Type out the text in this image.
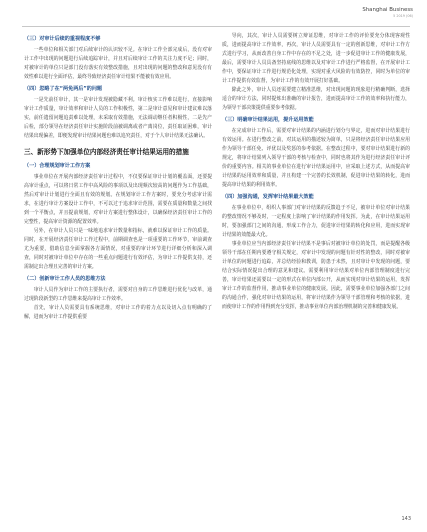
Shanghai Business
5 2019 (06)

（三）对审计后续的重视程度不够

一些单位和相关部门对后续审计的认识较不足。在审计工作全部完成后，没有对审计工作中出现的问题进行后续追踪审计，并且对后续审计工作的关注力度不足；同时，对被审计的单位只是部门没有落实有效整改措施，且对出现的问题的整改和意见没有有效性难以进行全面评估，最终导致经济责任审计结果不能被有效应用。

（四）忽略了在“两免两后”的问题

一是先前任审计，其一是审计发现被隐藏不利。审计核实工作难以进行，直接影响审计工作质量，审计效率和审计人员的工作积极性，第二是审计意见和审计建议难以落实，前任遗留问题追责难以处理，未采取有效措施，无法调动继任者积极性，二是先产后检，部分领导在经济责任审计实施阶段前被调离或者产离岗位，责任取证困难，审计结果出现偏差，即便发现审计结果问题也难以追究责任，对于个人审计结果无法确认。

三、新形势下加强单位内部经济责任审计结果运用的措施

（一）合理规划审计工作方案

事业单位在开展内部经济责任审计过程中，不仅要保证审计计划的覆盖面，还要提高审计重点，可以将日常工作中高风险的事项以及出现频次较高的问题作为工作基础，然后对审计计划进行全面且有效的规划。在规划审计工作方案时，要充分考虑审计需求，在进行审计方案设计工作中，不可以过于追求审计范围，需要在质量和数量之间找到一个平衡点，并且提前规划，对审计方案进行整体设计，以确保经济责任审计工作的完整性，提高审计资源的配置效率。

另外，在审计人员只是一味地追求审计数量和指标，就难以保证审计工作的质量。同时，在开展经济责任审计工作过程中，前期调查也是一项重要的工作环节，审前调查尤为重要，借助信息全面掌握各方面情况，对重要的审计环节进行详细分析和深入调查，同时对被审计单位中存在的一些重点问题进行有效评估，为审计工作提供支持，还需制定出合理且完善的审计方案。

（二）创新审计工作人员的思维方法

审计人员作为审计工作的主要执行者，需要对自身的工作思维进行优化与改革，通过现阶段新型的工作思维来提高审计工作效率。

首先，审计人员需要具有系统思维，对审计工作的着力点以及切入点有明确的了解，进而为审计工作提供重要

导向，其次，审计人员需要树立辩证思维，对审计工作的评价要充分体现客观性质，进而提高审计工作效率，再次，审计人员需要具有一定的创新思维，对审计工作方式进行学习，从而改善自身工作中存在的不足之处，进一步促进审计工作的健康发展，最后，需要审计人员具备坚持底线的思维以及对审计工作进行严格监督，在开展审计工作中，要保证审计工作进行规范化处理，实现对重大风险的有效防控，同时为单位的审计工作提供有效监督，为审计工作的有效开展打好基础。

除此之外，审计人员还需要建立精准思维，对出现问题的现象进行精确判断，选择适合的审计方法，同时提炼出准确的审计报告，进而提高审计工作的效率和执行能力，为领导干部决策提供重要参考依据。

（三）明确审计结果运用，提升运用效能

在完成审计工作后，需要对审计结果的内涵进行划分与界定，进而对审计结果进行有效运用。在进行整改之前，对其运用的描述较为简单，只是将经济责任审计结果应用作为领导干部任免、评优以及奖惩的参考依据。在整改过程中，要对审计结果进行新的规定，将审计结果列入领导干部的考核与检查中，同时也将其作为进行经济责任审计评价的重要内容。相关的事业单位在进行审计结果运用中，应采取上述方式，从而提高审计结果的运用效率和质量，并且构建一个完善的长效机制，促进审计结果的转化，进而提高审计结果的利用效率。

（四）加强沟通，发挥审计结果最大效能

在事业单位中，组织人事部门对审计结果的反馈趋于不足，被审计单位对审计结果的整改情况不够及时，一定程度上影响了审计结果的作用发挥。为此，在审计结果运用时，要加强部门之间的沟通，形成工作合力，促进审计结果的转化和应用，进而实现审计结果的效能最大化。

事业单位应当内部经济责任审计结果不是事后对被审计单位的处罚，而是提醒各级领导干部在任期内要遵守相关规定，对审计中发现的问题有针对性的整改，同时对被审计单位的问题进行追踪，并总结经验和教训，防患于未然，且对审计中发现的问题，要结合实际情况提出合理的意见和建议。需要利用审计结果对单位内部管理制度进行完善，审计结果还需要以一定的形式在单位内部公开，从而实现对审计结果的运用，发挥审计工作的监督作用，推动事业单位的健康发展。因此，需要事业单位加强各部门之间的沟通合作，强化对审计结果的运用，将审计结果作为领导干部管理和考核的依据，进而使审计工作的作用得到充分发挥，推动事业单位内部治理机制的完善和健康发展。

143
